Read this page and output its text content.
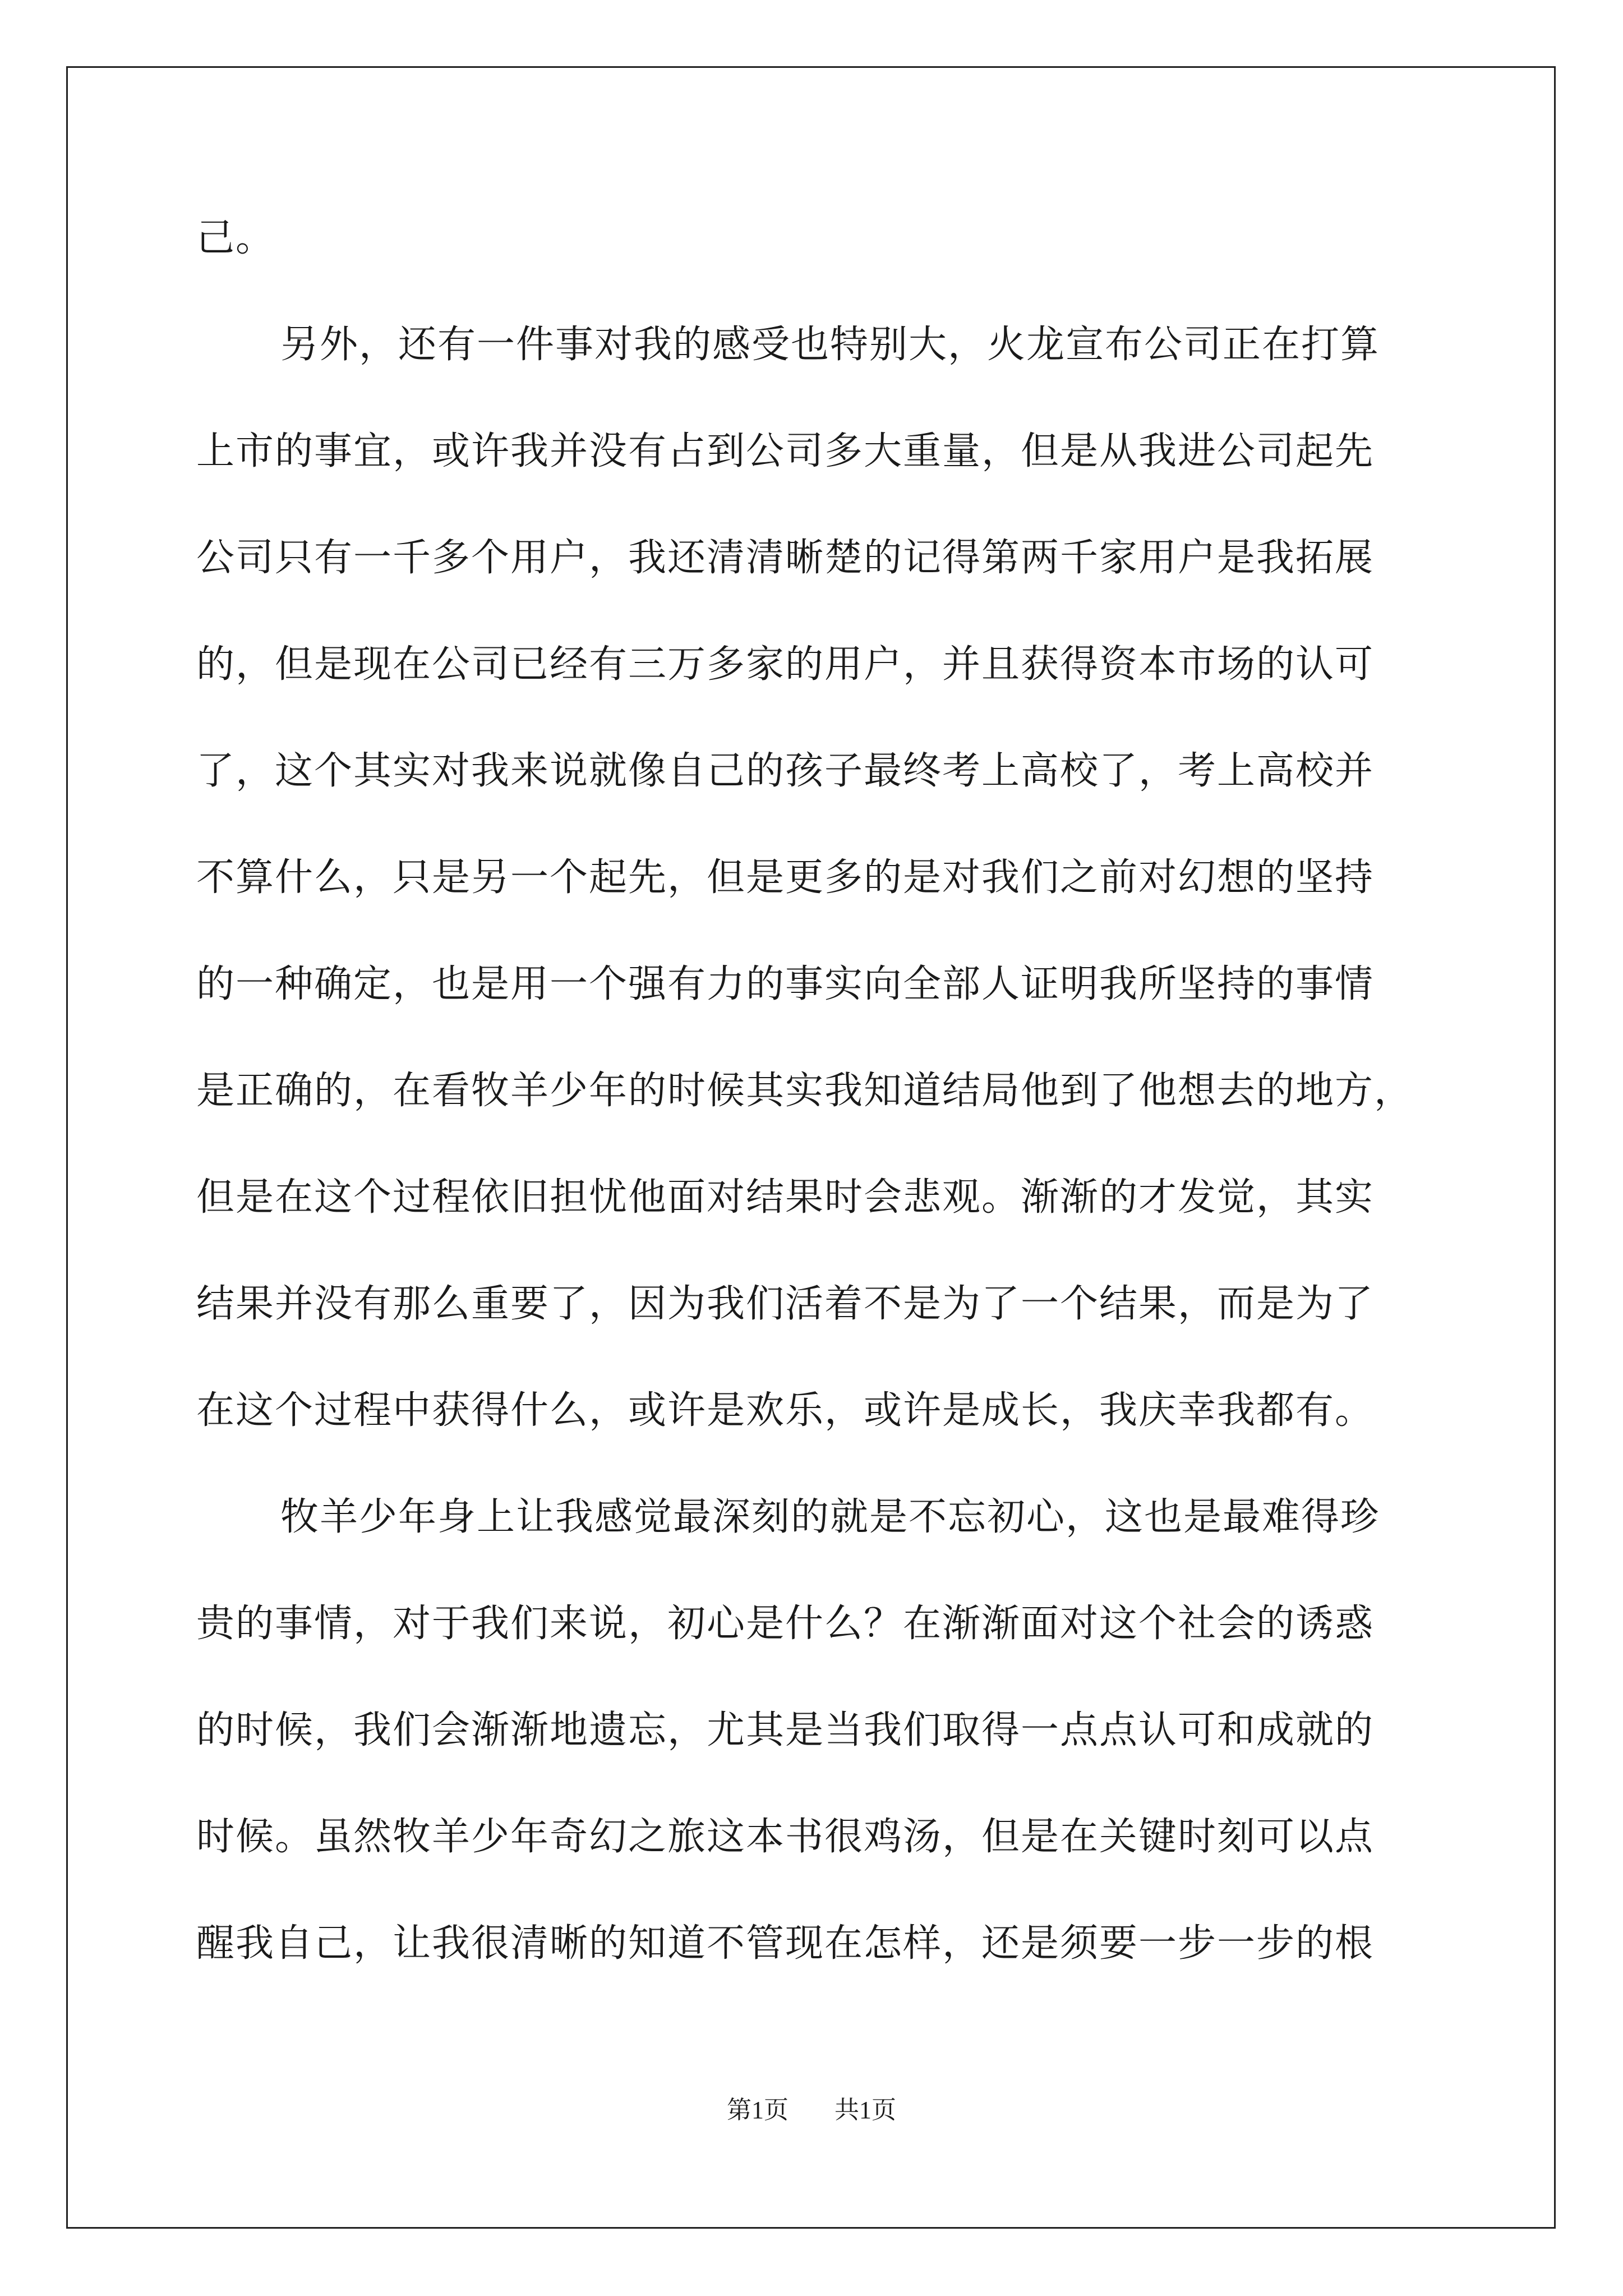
己。
另外，还有一件事对我的感受也特别大，火龙宣布公司正在打算
上市的事宜，或许我并没有占到公司多大重量，但是从我进公司起先
公司只有一千多个用户，我还清清晰楚的记得第两千家用户是我拓展
的，但是现在公司已经有三万多家的用户，并且获得资本市场的认可
了，这个其实对我来说就像自己的孩子最终考上高校了，考上高校并
不算什么，只是另一个起先，但是更多的是对我们之前对幻想的坚持
的一种确定，也是用一个强有力的事实向全部人证明我所坚持的事情
是正确的，在看牧羊少年的时候其实我知道结局他到了他想去的地方，
但是在这个过程依旧担忧他面对结果时会悲观。渐渐的才发觉，其实
结果并没有那么重要了，因为我们活着不是为了一个结果，而是为了
在这个过程中获得什么，或许是欢乐，或许是成长，我庆幸我都有。
牧羊少年身上让我感觉最深刻的就是不忘初心，这也是最难得珍
贵的事情，对于我们来说，初心是什么？在渐渐面对这个社会的诱惑
的时候，我们会渐渐地遗忘，尤其是当我们取得一点点认可和成就的
时候。虽然牧羊少年奇幻之旅这本书很鸡汤，但是在关键时刻可以点
醒我自己，让我很清晰的知道不管现在怎样，还是须要一步一步的根
第1页 共1页
